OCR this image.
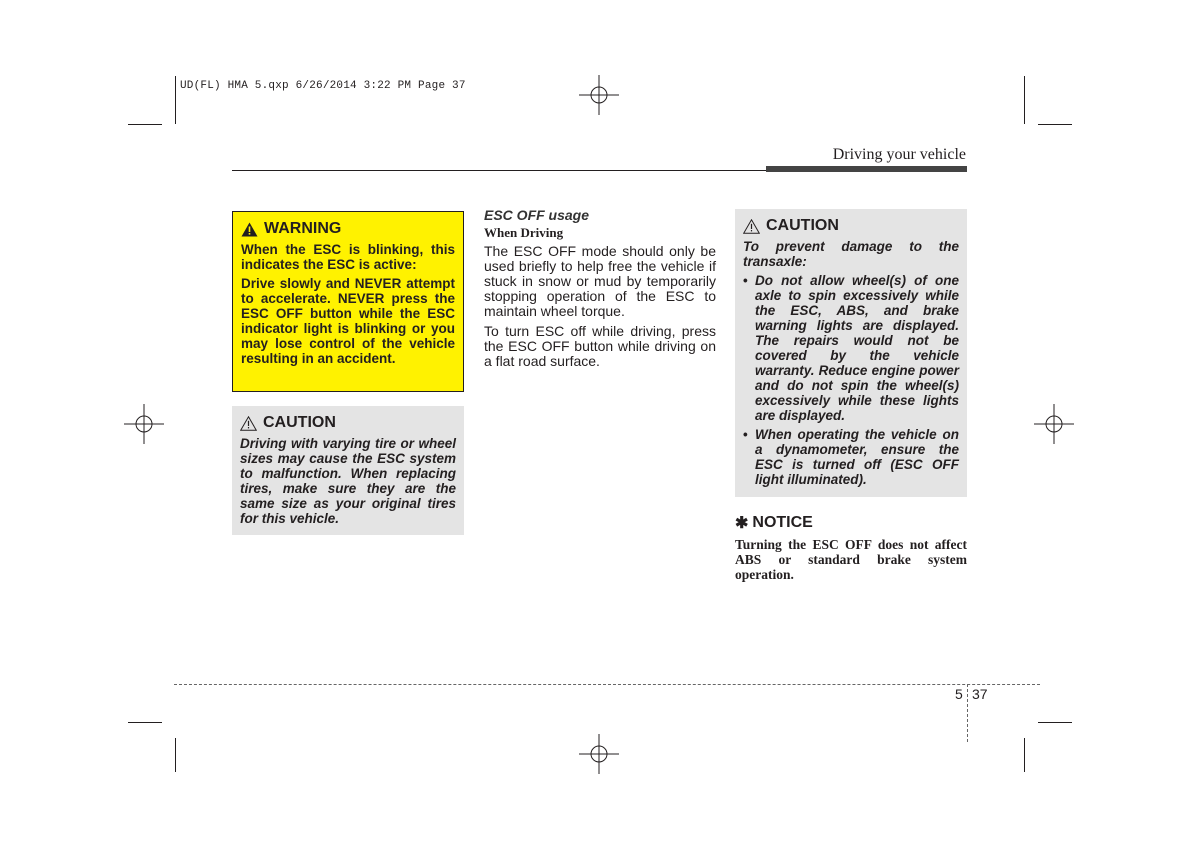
UD(FL) HMA 5.qxp 6/26/2014 3:22 PM Page 37
Driving your vehicle
WARNING

When the ESC is blinking, this indicates the ESC is active:

Drive slowly and NEVER attempt to accelerate. NEVER press the ESC OFF button while the ESC indicator light is blinking or you may lose control of the vehicle resulting in an accident.

CAUTION
Driving with varying tire or wheel sizes may cause the ESC system to malfunction. When replacing tires, make sure they are the same size as your original tires for this vehicle.
ESC OFF usage
When Driving

The ESC OFF mode should only be used briefly to help free the vehicle if stuck in snow or mud by temporarily stopping operation of the ESC to maintain wheel torque.

To turn ESC off while driving, press the ESC OFF button while driving on a flat road surface.

CAUTION
To prevent damage to the transaxle:
• Do not allow wheel(s) of one axle to spin excessively while the ESC, ABS, and brake warning lights are displayed. The repairs would not be covered by the vehicle warranty. Reduce engine power and do not spin the wheel(s) excessively while these lights are displayed.
• When operating the vehicle on a dynamometer, ensure the ESC is turned off (ESC OFF light illuminated).
✱ NOTICE
Turning the ESC OFF does not affect ABS or standard brake system operation.
5 37
